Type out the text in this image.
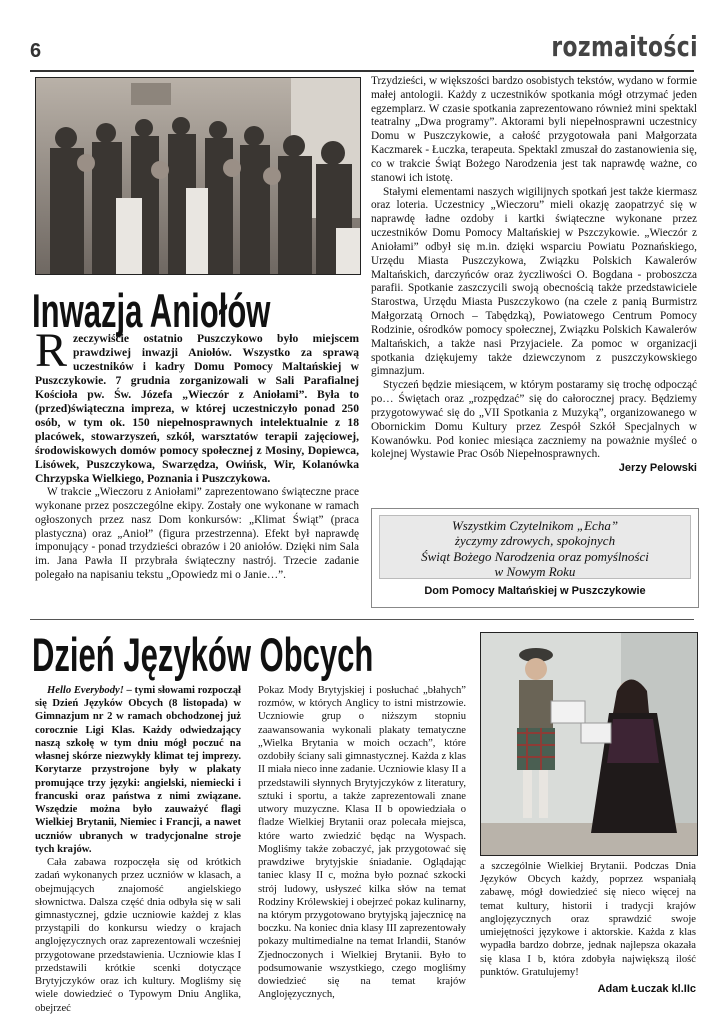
6	rozmaitości
Inwazja Aniołów
Rzeczywiście ostatnio Puszczykowo było miejscem prawdziwej inwazji Aniołów. Wszystko za sprawą uczestników i kadry Domu Pomocy Maltańskiej w Puszczykowie. 7 grudnia zorganizowali w Sali Parafialnej Kościoła pw. Św. Józefa „Wieczór z Aniołami”. Była to (przed)świąteczna impreza, w której uczestniczyło ponad 250 osób, w tym ok. 150 niepełnosprawnych intelektualnie z 18 placówek, stowarzyszeń, szkół, warsztatów terapii zajęciowej, środowiskowych domów pomocy społecznej z Mosiny, Dopiewca, Lisówek, Puszczykowa, Swarzędza, Owińsk, Wir, Kolanówka Chrzypska Wielkiego, Poznania i Puszczykowa.

W trakcie „Wieczoru z Aniołami” zaprezentowano świąteczne prace wykonane przez poszczególne ekipy. Zostały one wykonane w ramach ogłoszonych przez nasz Dom konkursów: „Klimat Świąt” (praca plastyczna) oraz „Anioł” (figura przestrzenna). Efekt był naprawdę imponujący - ponad trzydzieści obrazów i 20 aniołów. Dzięki nim Sala im. Jana Pawła II przybrała świąteczny nastrój. Trzecie zadanie polegało na napisaniu tekstu „Opowiedz mi o Janie…”.

Trzydzieści, w większości bardzo osobistych tekstów, wydano w formie małej antologii. Każdy z uczestników spotkania mógł otrzymać jeden egzemplarz. W czasie spotkania zaprezentowano również mini spektakl teatralny „Dwa programy”. Aktorami byli niepełnosprawni uczestnicy Domu w Puszczykowie, a całość przygotowała pani Małgorzata Kaczmarek - Łuczka, terapeuta. Spektakl zmuszał do zastanowienia się, co w trakcie Świąt Bożego Narodzenia jest tak naprawdę ważne, co stanowi ich istotę.

Stałymi elementami naszych wigilijnych spotkań jest także kiermasz oraz loteria. Uczestnicy „Wieczoru” mieli okazję zaopatrzyć się w naprawdę ładne ozdoby i kartki świąteczne wykonane przez uczestników Domu Pomocy Maltańskiej w Pszczykowie. „Wieczór z Aniołami” odbył się m.in. dzięki wsparciu Powiatu Poznańskiego, Urzędu Miasta Puszczykowa, Związku Polskich Kawalerów Maltańskich, darczyńców oraz życzliwości O. Bogdana - proboszcza parafii. Spotkanie zaszczycili swoją obecnością także przedstawiciele Starostwa, Urzędu Miasta Puszczykowo (na czele z panią Burmistrz Małgorzatą Ornoch – Tabędzką), Powiatowego Centrum Pomocy Rodzinie, ośrodków pomocy społecznej, Związku Polskich Kawalerów Maltańskich, a także nasi Przyjaciele. Za pomoc w organizacji spotkania dziękujemy także dziewczynom z puszczykowskiego gimnazjum.

Styczeń będzie miesiącem, w którym postaramy się trochę odpocząć po… Świętach oraz „rozpędzać” się do całorocznej pracy. Będziemy przygotowywać się do „VII Spotkania z Muzyką”, organizowanego w Obornickim Domu Kultury przez Zespół Szkół Specjalnych w Kowanówku. Pod koniec miesiąca zaczniemy na poważnie myśleć o kolejnej Wystawie Prac Osób Niepełnosprawnych.

Jerzy Pelowski
Wszystkim Czytelnikom „Echa”
życzymy zdrowych, spokojnych
Świąt Bożego Narodzenia oraz pomyślności
w Nowym Roku
Dom Pomocy Maltańskiej w Puszczykowie
Dzień Języków Obcych

Hello Everybody! – tymi słowami rozpoczął się Dzień Języków Obcych (8 listopada) w Gimnazjum nr 2 w ramach obchodzonej już corocznie Ligi Klas. Każdy odwiedzający naszą szkołę w tym dniu mógł poczuć na własnej skórze niezwykły klimat tej imprezy. Korytarze przystrojone były w plakaty promujące trzy języki: angielski, niemiecki i francuski oraz państwa z nimi związane. Wszędzie można było zauważyć flagi Wielkiej Brytanii, Niemiec i Francji, a nawet uczniów ubranych w tradycjonalne stroje tych krajów.

Cała zabawa rozpoczęła się od krótkich zadań wykonanych przez uczniów w klasach, a obejmujących znajomość angielskiego słownictwa. Dalsza część dnia odbyła się w sali gimnastycznej, gdzie uczniowie każdej z klas przystąpili do konkursu wiedzy o krajach anglojęzycznych oraz zaprezentowali wcześniej przygotowane przedstawienia. Uczniowie klas I przedstawili krótkie scenki dotyczące Brytyjczyków oraz ich kultury. Mogliśmy się wiele dowiedzieć o Typowym Dniu Anglika, obejrzeć

Pokaz Mody Brytyjskiej i posłuchać „błahych” rozmów, w których Anglicy to istni mistrzowie. Uczniowie grup o niższym stopniu zaawansowania wykonali plakaty tematyczne „Wielka Brytania w moich oczach”, które ozdobiły ściany sali gimnastycznej. Każda z klas II miała nieco inne zadanie. Uczniowie klasy II a przedstawili słynnych Brytyjczyków z literatury, sztuki i sportu, a także zaprezentowali znane utwory muzyczne. Klasa II b opowiedziała o fladze Wielkiej Brytanii oraz polecała miejsca, które warto zwiedzić będąc na Wyspach. Mogliśmy także zobaczyć, jak przygotować się prawdziwe brytyjskie śniadanie. Oglądając taniec klasy II c, można było poznać szkocki strój ludowy, usłyszeć kilka słów na temat Rodziny Królewskiej i obejrzeć pokaz kulinarny, na którym przygotowano brytyjską jajecznicę na boczku. Na koniec dnia klasy III zaprezentowały pokazy multimedialne na temat Irlandii, Stanów Zjednoczonych i Wielkiej Brytanii. Było to podsumowanie wszystkiego, czego mogliśmy dowiedzieć się na temat krajów Anglojęzycznych,

a szczególnie Wielkiej Brytanii. Podczas Dnia Języków Obcych każdy, poprzez wspaniałą zabawę, mógł dowiedzieć się nieco więcej na temat kultury, historii i tradycji krajów anglojęzycznych oraz sprawdzić swoje umiejętności językowe i aktorskie. Każda z klas wypadła bardzo dobrze, jednak najlepsza okazała się klasa I b, która zdobyła największą ilość punktów. Gratulujemy!

Adam Łuczak kl.IIc
